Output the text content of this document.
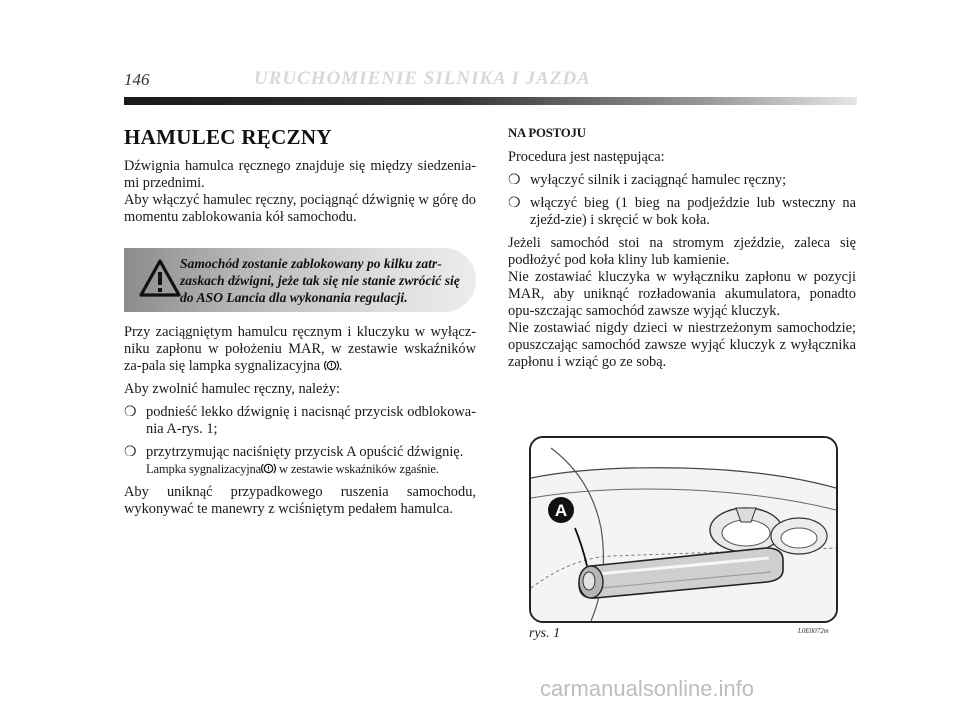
146	URUCHOMIENIE SILNIKA I JAZDA
HAMULEC RĘCZNY

Dźwignia hamulca ręcznego znajduje się między siedzenia-mi przednimi.

Aby włączyć hamulec ręczny, pociągnąć dźwignię w górę do momentu zablokowania kół samochodu.

Samochód zostanie zablokowany po kilku zatr-zaskach dźwigni, jeże tak się nie stanie zwrócić się do ASO Lancia dla wykonania regulacji.

Przy zaciągniętym hamulcu ręcznym i kluczyku w wyłącz-niku zapłonu w położeniu MAR, w zestawie wskaźników za-pala się lampka sygnalizacyjna .

Aby zwolnić hamulec ręczny, należy:

❍ podnieść lekko dźwignię i nacisnąć przycisk odblokowa-nia A-rys. 1;

❍ przytrzymując naciśnięty przycisk A opuścić dźwignię.

Lampka sygnalizacyjna w zestawie wskaźników zgaśnie.

Aby uniknąć przypadkowego ruszenia samochodu, wykonywać te manewry z wciśniętym pedałem hamulca.

NA POSTOJU

Procedura jest następująca:

❍ wyłączyć silnik i zaciągnąć hamulec ręczny;

❍ włączyć bieg (1 bieg na podjeździe lub wsteczny na zjeźd-zie) i skręcić w bok koła.

Jeżeli samochód stoi na stromym zjeździe, zaleca się podłożyć pod koła kliny lub kamienie.

Nie zostawiać kluczyka w wyłączniku zapłonu w pozycji MAR, aby uniknąć rozładowania akumulatora, ponadto opu-szczając samochód zawsze wyjąć kluczyk.

Nie zostawiać nigdy dzieci w niestrzeżonym samochodzie; opuszczając samochód zawsze wyjąć kluczyk z wyłącznika zapłonu i wziąć go ze sobą.

A
rys. 1	L0E0072m
carmanualsonline.info
